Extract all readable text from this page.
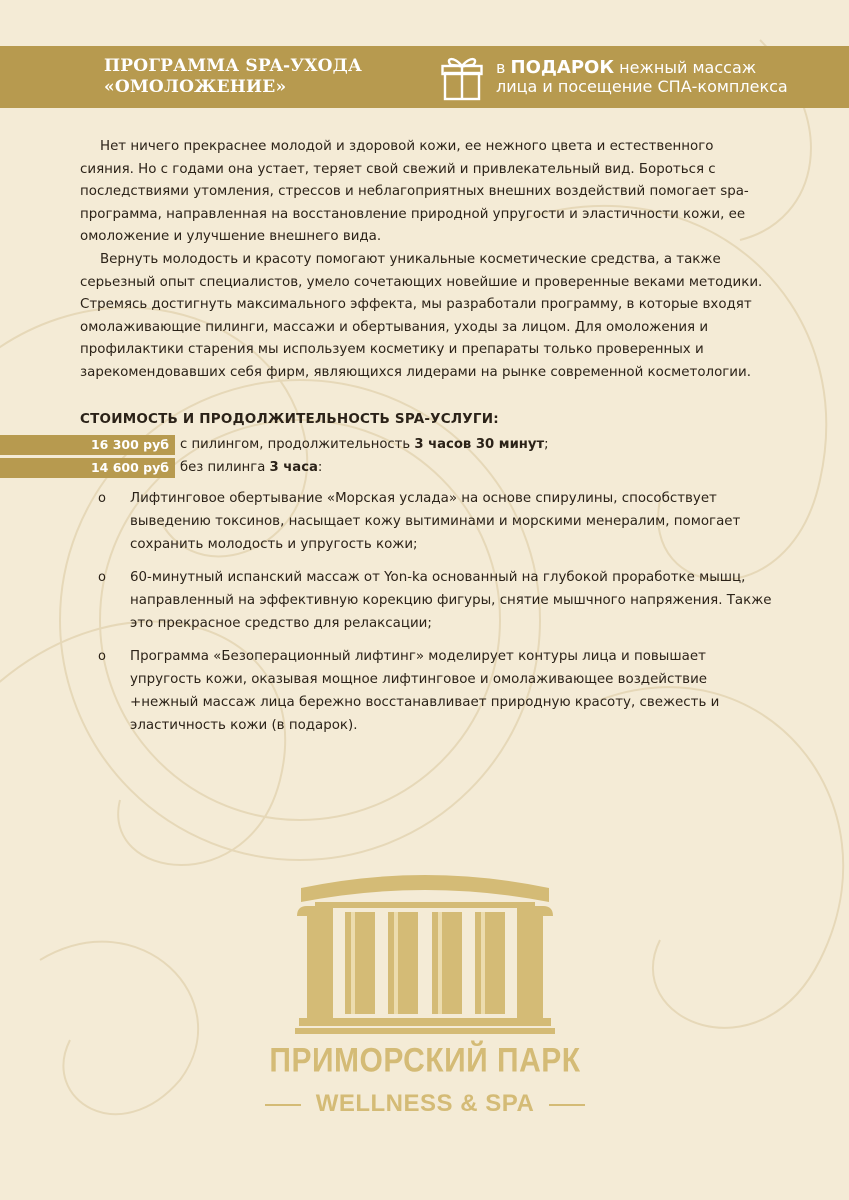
ПРОГРАММА SPA-УХОДА
«ОМОЛОЖЕНИЕ»
в ПОДАРОК нежный массаж
лица и посещение СПА-комплекса

Нет ничего прекраснее молодой и здоровой кожи, ее нежного цвета и естественного сияния. Но с годами она устает, теряет свой свежий и привлекательный вид. Бороться с последствиями утомления, стрессов и неблагоприятных внешних воздействий помогает spa-программа, направленная на восстановление природной упругости и эластичности кожи, ее омоложение и улучшение внешнего вида.

Вернуть молодость и красоту помогают уникальные косметические средства, а также серьезный опыт специалистов, умело сочетающих новейшие и проверенные веками методики. Стремясь достигнуть максимального эффекта, мы разработали программу, в которые входят омолаживающие пилинги, массажи и обертывания, уходы за лицом. Для омоложения и профилактики старения мы используем косметику и препараты только проверенных и зарекомендовавших себя фирм, являющихся лидерами на рынке современной косметологии.

СТОИМОСТЬ И ПРОДОЛЖИТЕЛЬНОСТЬ SPA-УСЛУГИ:
16 300 руб с пилингом, продолжительность 3 часов 30 минут;
14 600 руб без пилинга 3 часа:
o Лифтинговое обертывание «Морская услада» на основе спирулины, способствует выведению токсинов, насыщает кожу вытиминами и морскими менералим, помогает сохранить молодость и упругость кожи;
o 60-минутный испанский массаж от Yon-ka основанный на глубокой проработке мышц, направленный на эффективную корекцию фигуры, снятие мышчного напряжения. Также это прекрасное средство для релаксации;
o Программа «Безоперационный лифтинг» моделирует контуры лица и повышает упругость кожи, оказывая мощное лифтинговое и омолаживающее воздействие +нежный массаж лица бережно восстанавливает природную красоту, свежесть и эластичность кожи (в подарок).
ПРИМОРСКИЙ ПАРК
WELLNESS & SPA
